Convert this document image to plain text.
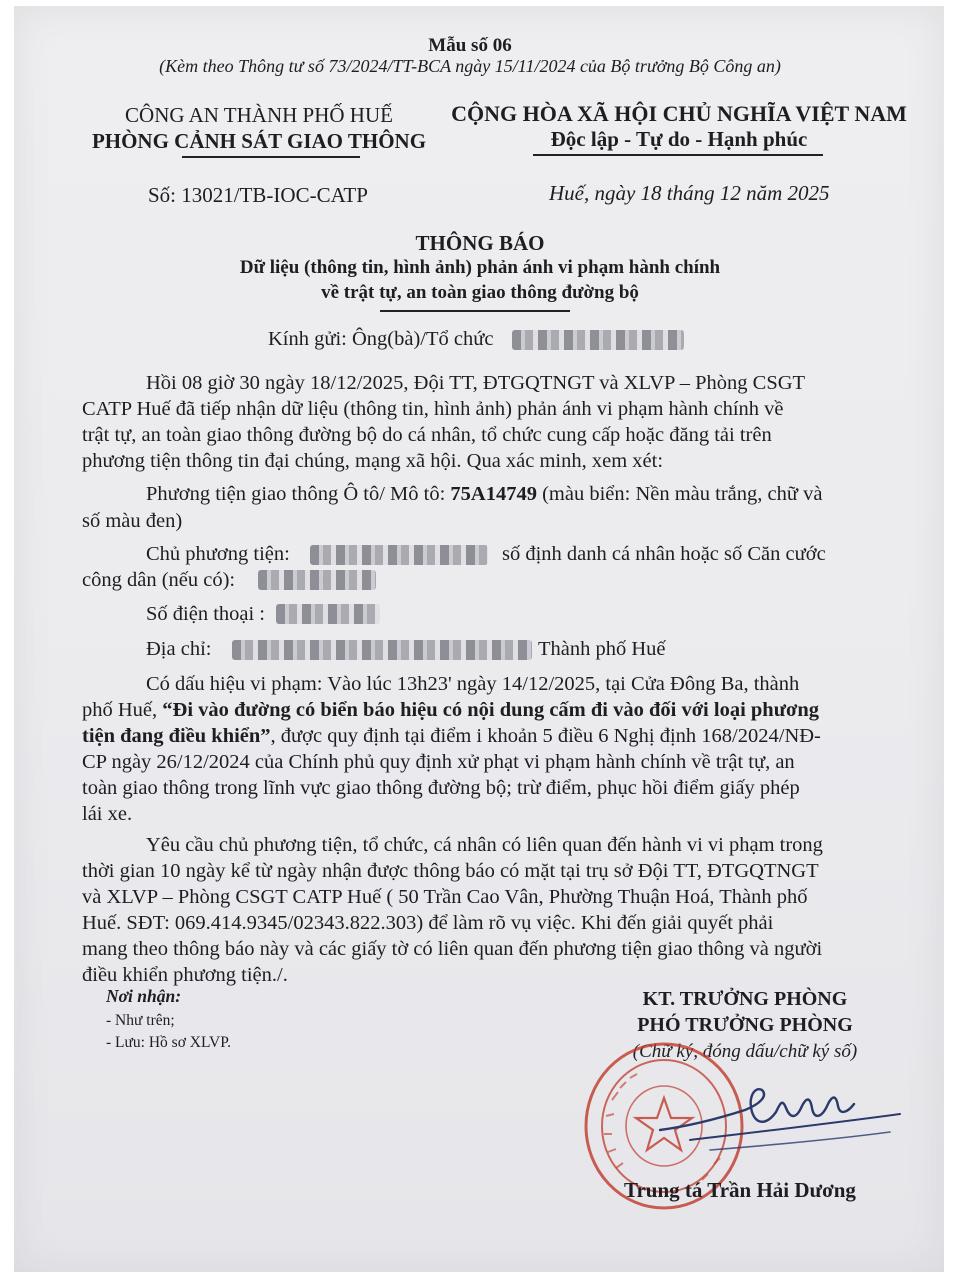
Mẫu số 06
(Kèm theo Thông tư số 73/2024/TT-BCA ngày 15/11/2024 của Bộ trưởng Bộ Công an)
CÔNG AN THÀNH PHỐ HUẾ
PHÒNG CẢNH SÁT GIAO THÔNG
CỘNG HÒA XÃ HỘI CHỦ NGHĨA VIỆT NAM
Độc lập - Tự do - Hạnh phúc
Số: 13021/TB-IOC-CATP	Huế, ngày 18 tháng 12 năm 2025
THÔNG BÁO
Dữ liệu (thông tin, hình ảnh) phản ánh vi phạm hành chính
về trật tự, an toàn giao thông đường bộ
Kính gửi: Ông(bà)/Tổ chức
Hồi 08 giờ 30 ngày 18/12/2025, Đội TT, ĐTGQTNGT và XLVP – Phòng CSGT
CATP Huế đã tiếp nhận dữ liệu (thông tin, hình ảnh) phản ánh vi phạm hành chính về
trật tự, an toàn giao thông đường bộ do cá nhân, tổ chức cung cấp hoặc đăng tải trên
phương tiện thông tin đại chúng, mạng xã hội. Qua xác minh, xem xét:
Phương tiện giao thông Ô tô/ Mô tô: 75A14749 (màu biển: Nền màu trắng, chữ và
số màu đen)
Chủ phương tiện:	số định danh cá nhân hoặc số Căn cước
công dân (nếu có):
Số điện thoại :
Địa chỉ:	Thành phố Huế
Có dấu hiệu vi phạm: Vào lúc 13h23' ngày 14/12/2025, tại Cửa Đông Ba, thành
phố Huế, “Đi vào đường có biển báo hiệu có nội dung cấm đi vào đối với loại phương
tiện đang điều khiển”, được quy định tại điểm i khoản 5 điều 6 Nghị định 168/2024/NĐ-
CP ngày 26/12/2024 của Chính phủ quy định xử phạt vi phạm hành chính về trật tự, an
toàn giao thông trong lĩnh vực giao thông đường bộ; trừ điểm, phục hồi điểm giấy phép
lái xe.
Yêu cầu chủ phương tiện, tổ chức, cá nhân có liên quan đến hành vi vi phạm trong
thời gian 10 ngày kể từ ngày nhận được thông báo có mặt tại trụ sở Đội TT, ĐTGQTNGT
và XLVP – Phòng CSGT CATP Huế ( 50 Trần Cao Vân, Phường Thuận Hoá, Thành phố
Huế. SĐT: 069.414.9345/02343.822.303) để làm rõ vụ việc. Khi đến giải quyết phải
mang theo thông báo này và các giấy tờ có liên quan đến phương tiện giao thông và người
điều khiển phương tiện./.
Nơi nhận:
- Như trên;
- Lưu: Hồ sơ XLVP.
KT. TRƯỞNG PHÒNG
PHÓ TRƯỞNG PHÒNG
(Chữ ký, đóng dấu/chữ ký số)
Trung tá Trần Hải Dương
